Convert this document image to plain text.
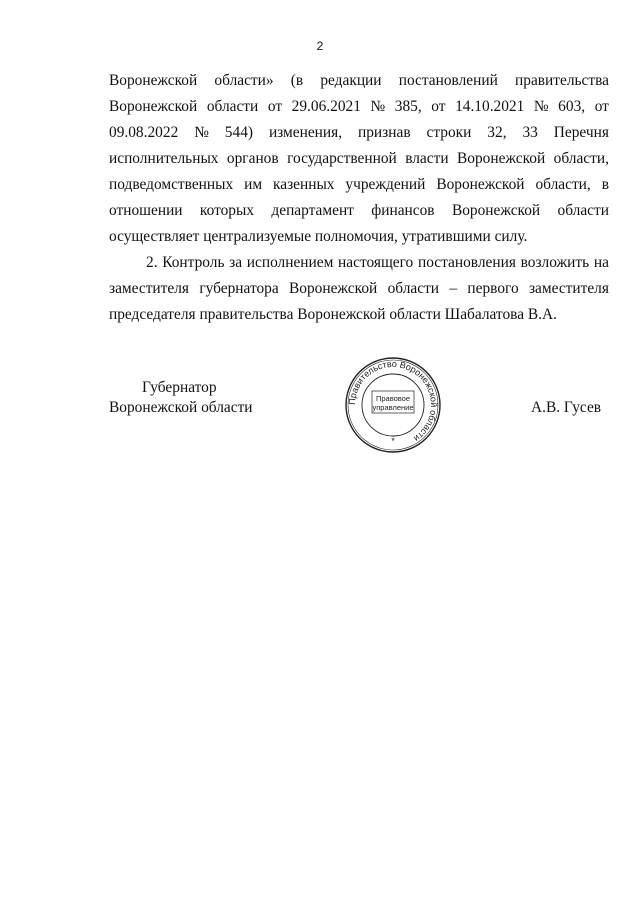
2
Воронежской области» (в редакции постановлений правительства
Воронежской области от 29.06.2021 № 385, от 14.10.2021 № 603, от
09.08.2022 № 544) изменения, признав строки 32, 33 Перечня
исполнительных органов государственной власти Воронежской области,
подведомственных им казенных учреждений Воронежской области, в
отношении которых департамент финансов Воронежской области
осуществляет централизуемые полномочия, утратившими силу.
2. Контроль за исполнением настоящего постановления возложить на
заместителя губернатора Воронежской области – первого заместителя
председателя правительства Воронежской области Шабалатова В.А.
Губернатор
Воронежской области	Правительство Воронежской области
Правовое
управление
*
А.В. Гусев
